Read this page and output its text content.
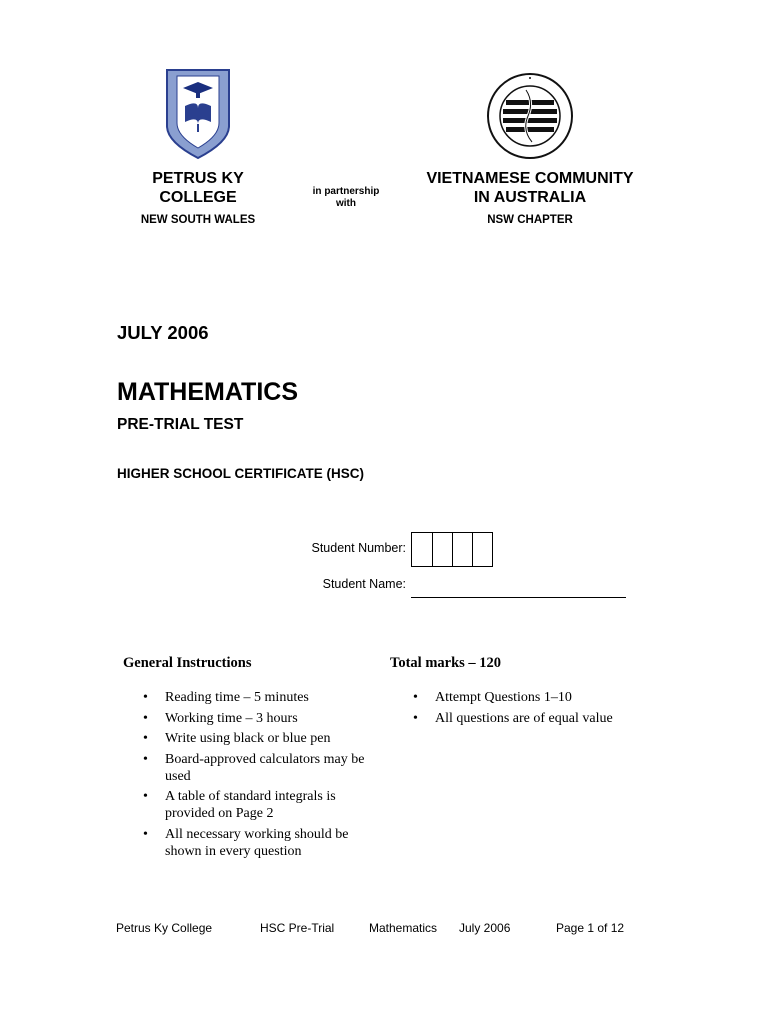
PETRUS KY
COLLEGE
NEW SOUTH WALES
in partnership
with
VIETNAMESE COMMUNITY
IN AUSTRALIA
NSW CHAPTER
JULY 2006
MATHEMATICS
PRE-TRIAL TEST
HIGHER SCHOOL CERTIFICATE (HSC)
Student Number:
Student Name:
General Instructions	Total marks – 120
• Reading time – 5 minutes
• Working time – 3 hours
• Write using black or blue pen
• Board-approved calculators may be used
• A table of standard integrals is provided on Page 2
• All necessary working should be shown in every question
• Attempt Questions 1–10
• All questions are of equal value
Petrus Ky College	HSC Pre-Trial	Mathematics July 2006	Page 1 of 12
